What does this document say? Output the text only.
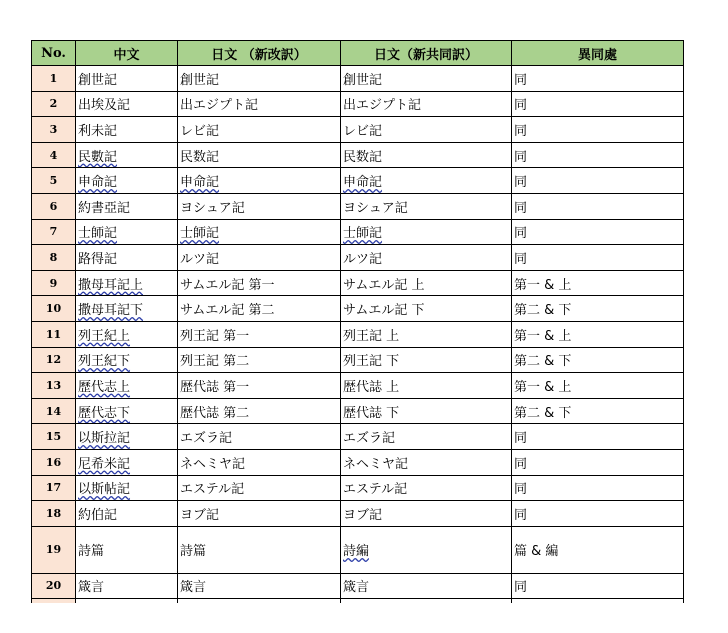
No.	中文	日文 （新改訳）	日文（新共同訳）	異同處
1	創世記	創世記	創世記	同
2	出埃及記	出エジプト記	出エジプト記	同
3	利未記	レビ記	レビ記	同
4	民數記	民数記	民数記	同
5	申命記	申命記	申命記	同
6	約書亞記	ヨシュア記	ヨシュア記	同
7	士師記	士師記	士師記	同
8	路得記	ルツ記	ルツ記	同
9	撒母耳記上	サムエル記 第一	サムエル記 上	第一 & 上
10	撒母耳記下	サムエル記 第二	サムエル記 下	第二 & 下
11	列王紀上	列王記 第一	列王記 上	第一 & 上
12	列王紀下	列王記 第二	列王記 下	第二 & 下
13	歷代志上	歴代誌 第一	歴代誌 上	第一 & 上
14	歷代志下	歴代誌 第二	歴代誌 下	第二 & 下
15	以斯拉記	エズラ記	エズラ記	同
16	尼希米記	ネヘミヤ記	ネヘミヤ記	同
17	以斯帖記	エステル記	エステル記	同
18	約伯記	ヨブ記	ヨブ記	同
19	詩篇	詩篇	詩編	篇 & 編
20	箴言	箴言	箴言	同
